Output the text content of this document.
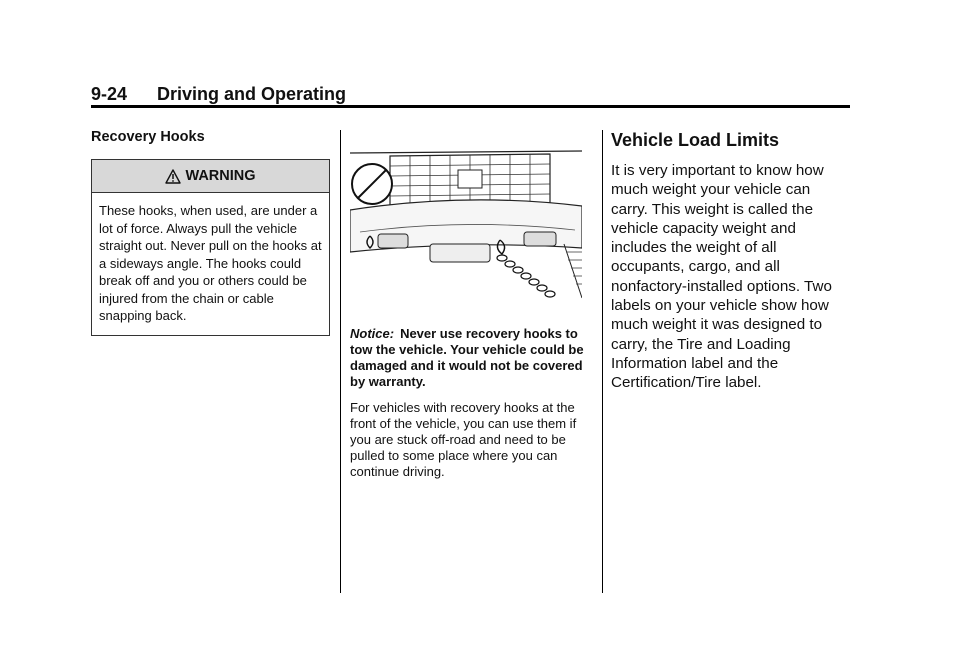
9-24 Driving and Operating
Recovery Hooks
WARNING
These hooks, when used, are under a lot of force. Always pull the vehicle straight out. Never pull on the hooks at a sideways angle. The hooks could break off and you or others could be injured from the chain or cable snapping back.
Notice: Never use recovery hooks to tow the vehicle. Your vehicle could be damaged and it would not be covered by warranty.
For vehicles with recovery hooks at the front of the vehicle, you can use them if you are stuck off-road and need to be pulled to some place where you can continue driving.
Vehicle Load Limits
It is very important to know how much weight your vehicle can carry. This weight is called the vehicle capacity weight and includes the weight of all occupants, cargo, and all nonfactory-installed options. Two labels on your vehicle show how much weight it was designed to carry, the Tire and Loading Information label and the Certification/Tire label.
